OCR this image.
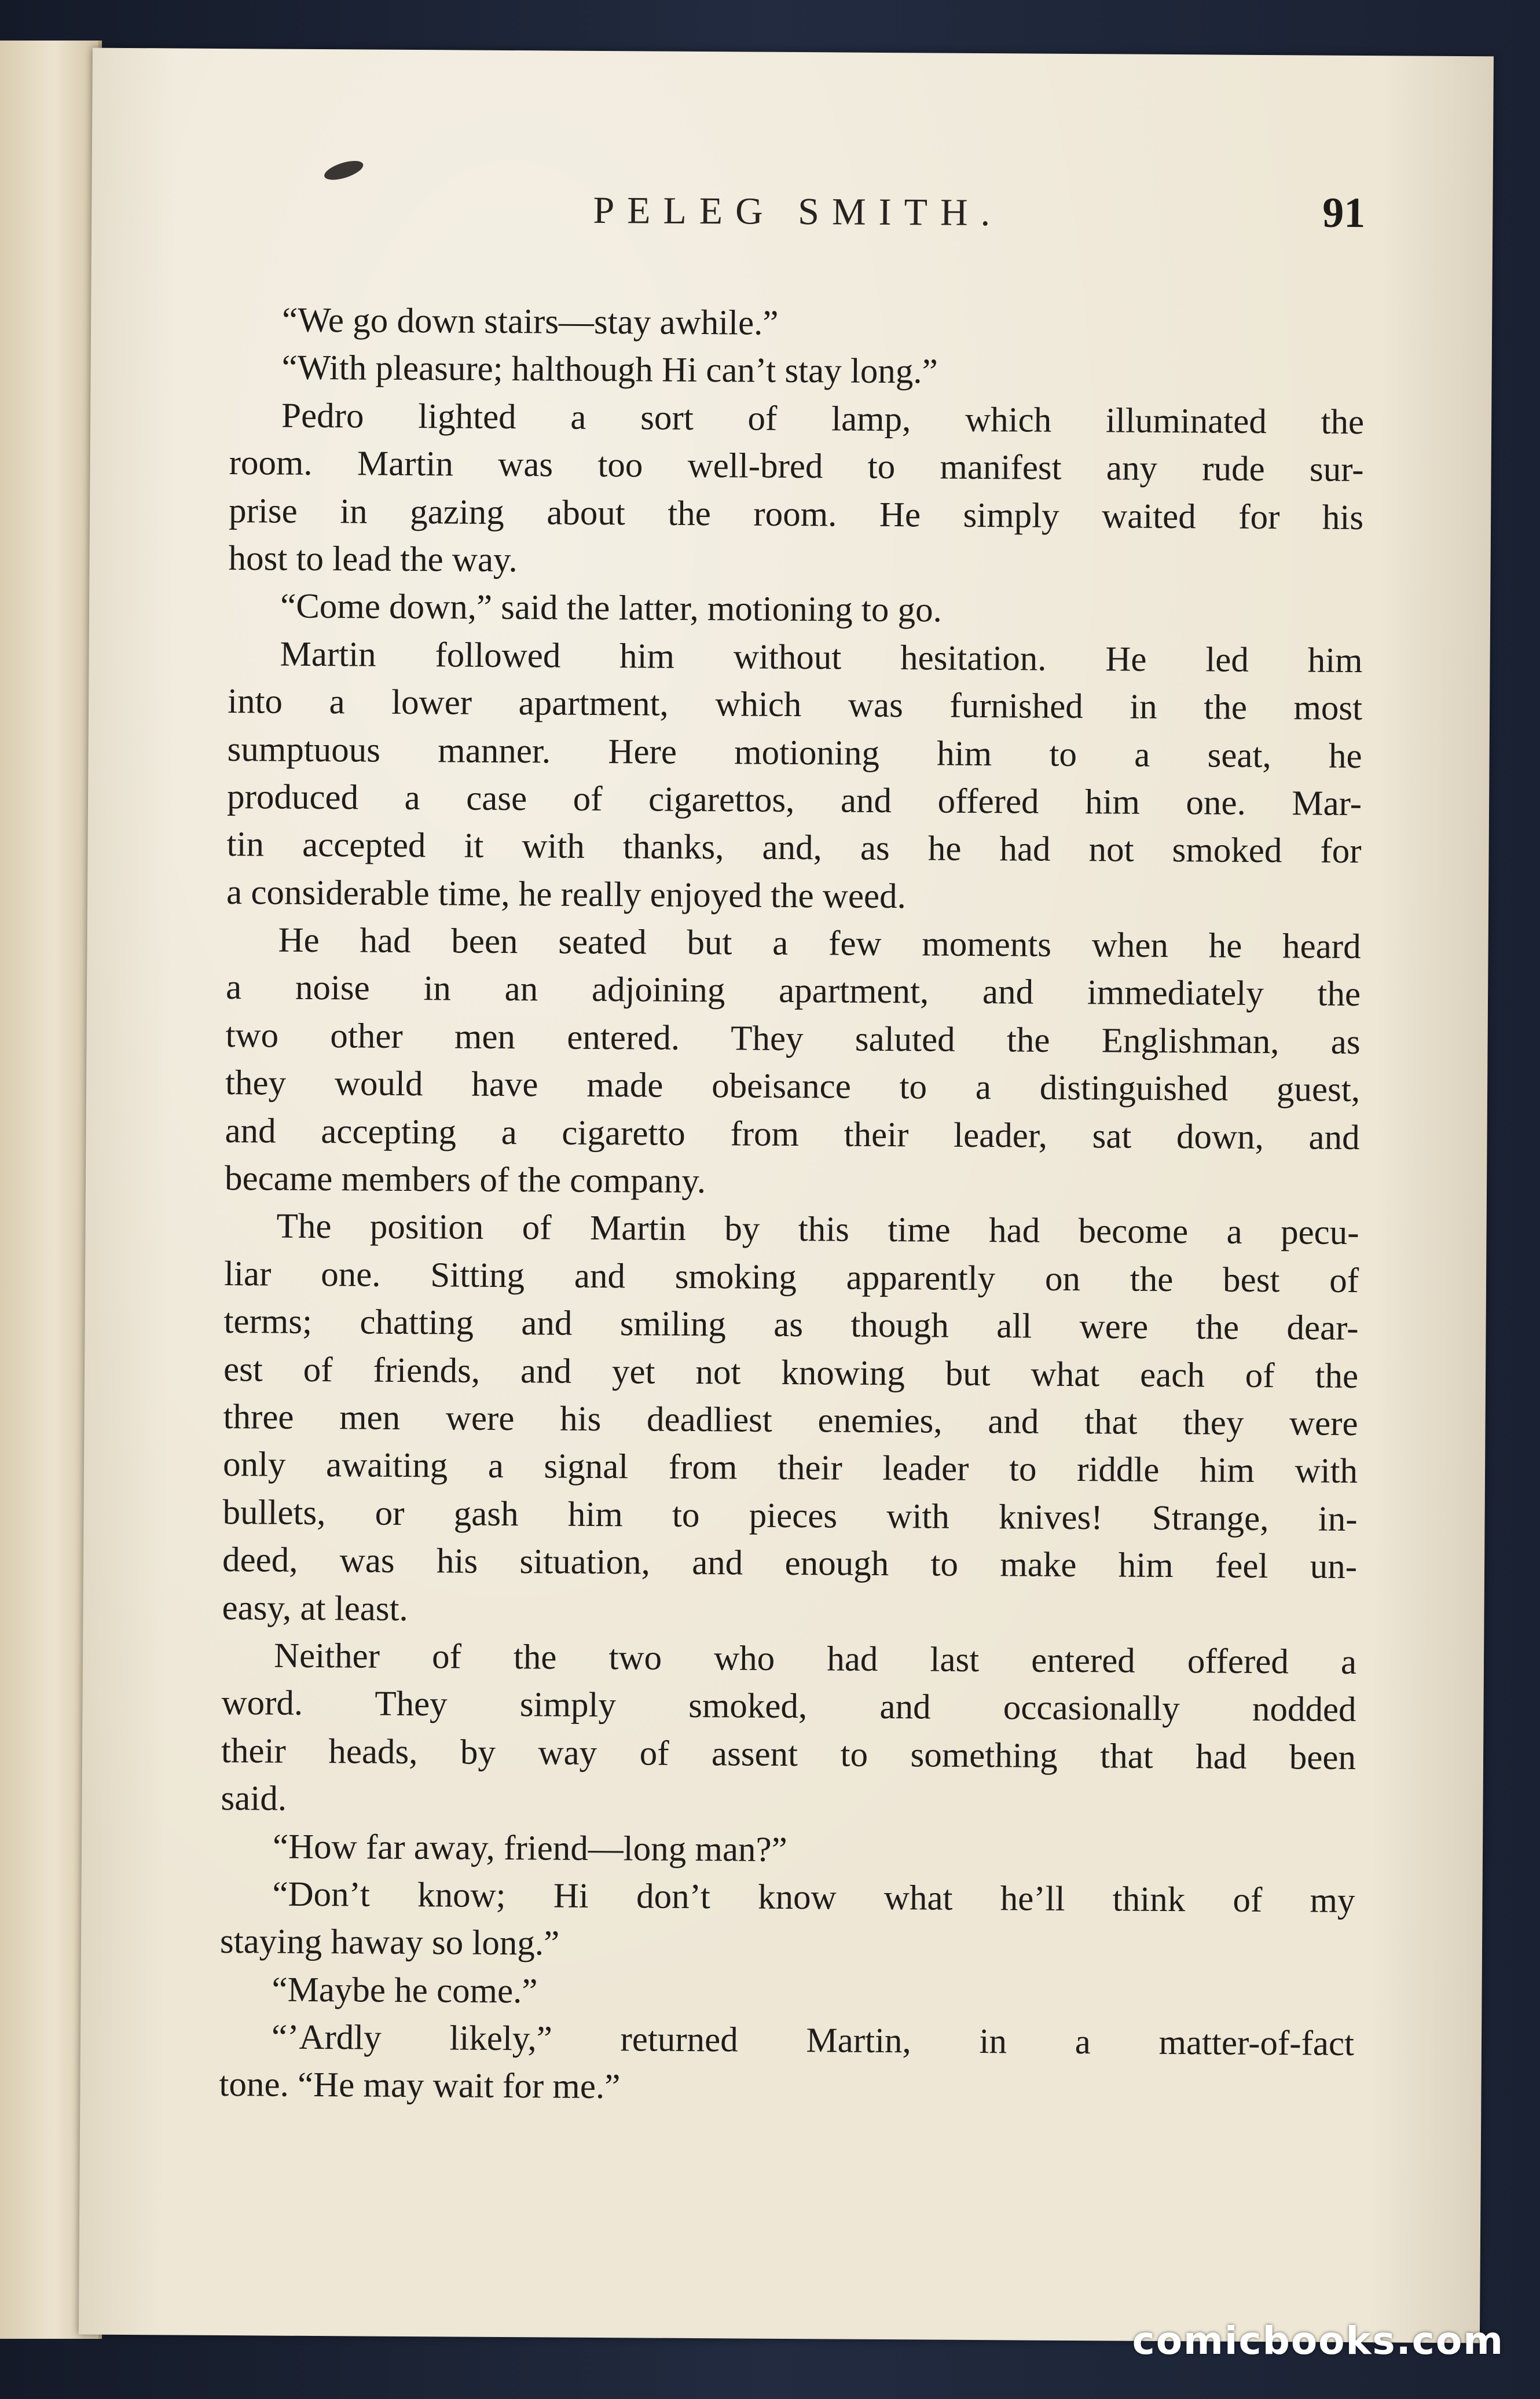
PELEG SMITH.	91
“We go down stairs—stay awhile.”
“With pleasure; halthough Hi can’t stay long.”
Pedro lighted a sort of lamp, which illuminated the
room. Martin was too well-bred to manifest any rude sur-
prise in gazing about the room. He simply waited for his
host to lead the way.
“Come down,” said the latter, motioning to go.
Martin followed him without hesitation. He led him
into a lower apartment, which was furnished in the most
sumptuous manner. Here motioning him to a seat, he
produced a case of cigarettos, and offered him one. Mar-
tin accepted it with thanks, and, as he had not smoked for
a considerable time, he really enjoyed the weed.
He had been seated but a few moments when he heard
a noise in an adjoining apartment, and immediately the
two other men entered. They saluted the Englishman, as
they would have made obeisance to a distinguished guest,
and accepting a cigaretto from their leader, sat down, and
became members of the company.
The position of Martin by this time had become a pecu-
liar one. Sitting and smoking apparently on the best of
terms; chatting and smiling as though all were the dear-
est of friends, and yet not knowing but what each of the
three men were his deadliest enemies, and that they were
only awaiting a signal from their leader to riddle him with
bullets, or gash him to pieces with knives! Strange, in-
deed, was his situation, and enough to make him feel un-
easy, at least.
Neither of the two who had last entered offered a
word. They simply smoked, and occasionally nodded
their heads, by way of assent to something that had been
said.
“How far away, friend—long man?”
“Don’t know; Hi don’t know what he’ll think of my
staying haway so long.”
“Maybe he come.”
“’Ardly likely,” returned Martin, in a matter-of-fact
tone. “He may wait for me.”
comicbooks.com
